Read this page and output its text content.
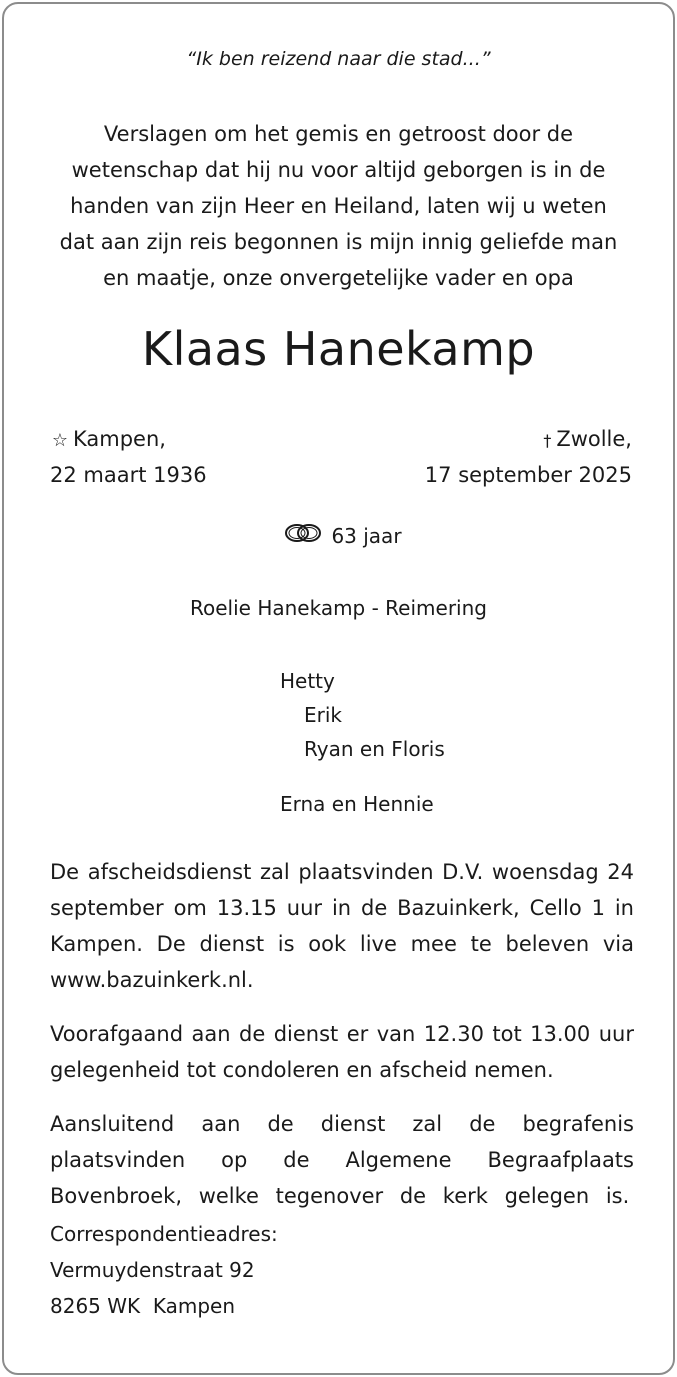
“Ik ben reizend naar die stad...”

Verslagen om het gemis en getroost door de
wetenschap dat hij nu voor altijd geborgen is in de
handen van zijn Heer en Heiland, laten wij u weten
dat aan zijn reis begonnen is mijn innig geliefde man
en maatje, onze onvergetelijke vader en opa
Klaas Hanekamp
☆ Kampen,
22 maart 1936
† Zwolle,
17 september 2025
63 jaar

Roelie Hanekamp - Reimering

Hetty
Erik
Ryan en Floris

Erna en Hennie

De afscheidsdienst zal plaatsvinden D.V. woensdag 24 september om 13.15 uur in de Bazuinkerk, Cello 1 in Kampen. De dienst is ook live mee te beleven via www.bazuinkerk.nl.

Voorafgaand aan de dienst er van 12.30 tot 13.00 uur gelegenheid tot condoleren en afscheid nemen.

Aansluitend aan de dienst zal de begrafenis plaatsvinden op de Algemene Begraafplaats Bovenbroek, welke tegenover de kerk gelegen is.

Correspondentieadres:
Vermuydenstraat 92
8265 WK  Kampen
